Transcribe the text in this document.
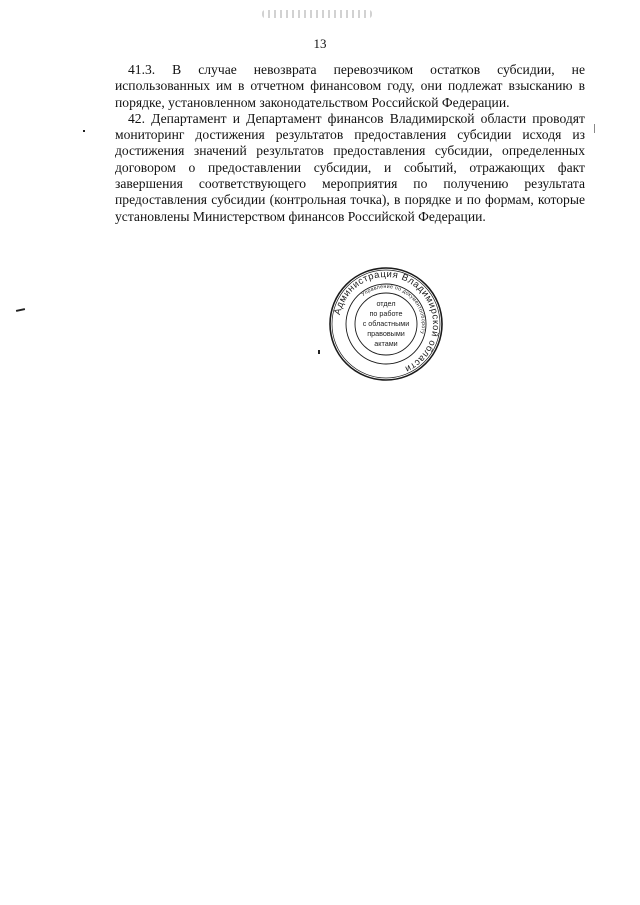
13

41.3. В случае невозврата перевозчиком остатков субсидии, не использованных им в отчетном финансовом году, они подлежат взысканию в порядке, установленном законодательством Российской Федерации.

42. Департамент и Департамент финансов Владимирской области проводят мониторинг достижения результатов предоставления субсидии исходя из достижения значений результатов предоставления субсидии, определенных договором о предоставлении субсидии, и событий, отражающих факт завершения соответствующего мероприятия по получению результата предоставления субсидии (контрольная точка), в порядке и по формам, которые установлены Министерством финансов Российской Федерации.

Администрация Владимирской области
Управление по документообороту
отдел
по работе
с областными
правовыми
актами
